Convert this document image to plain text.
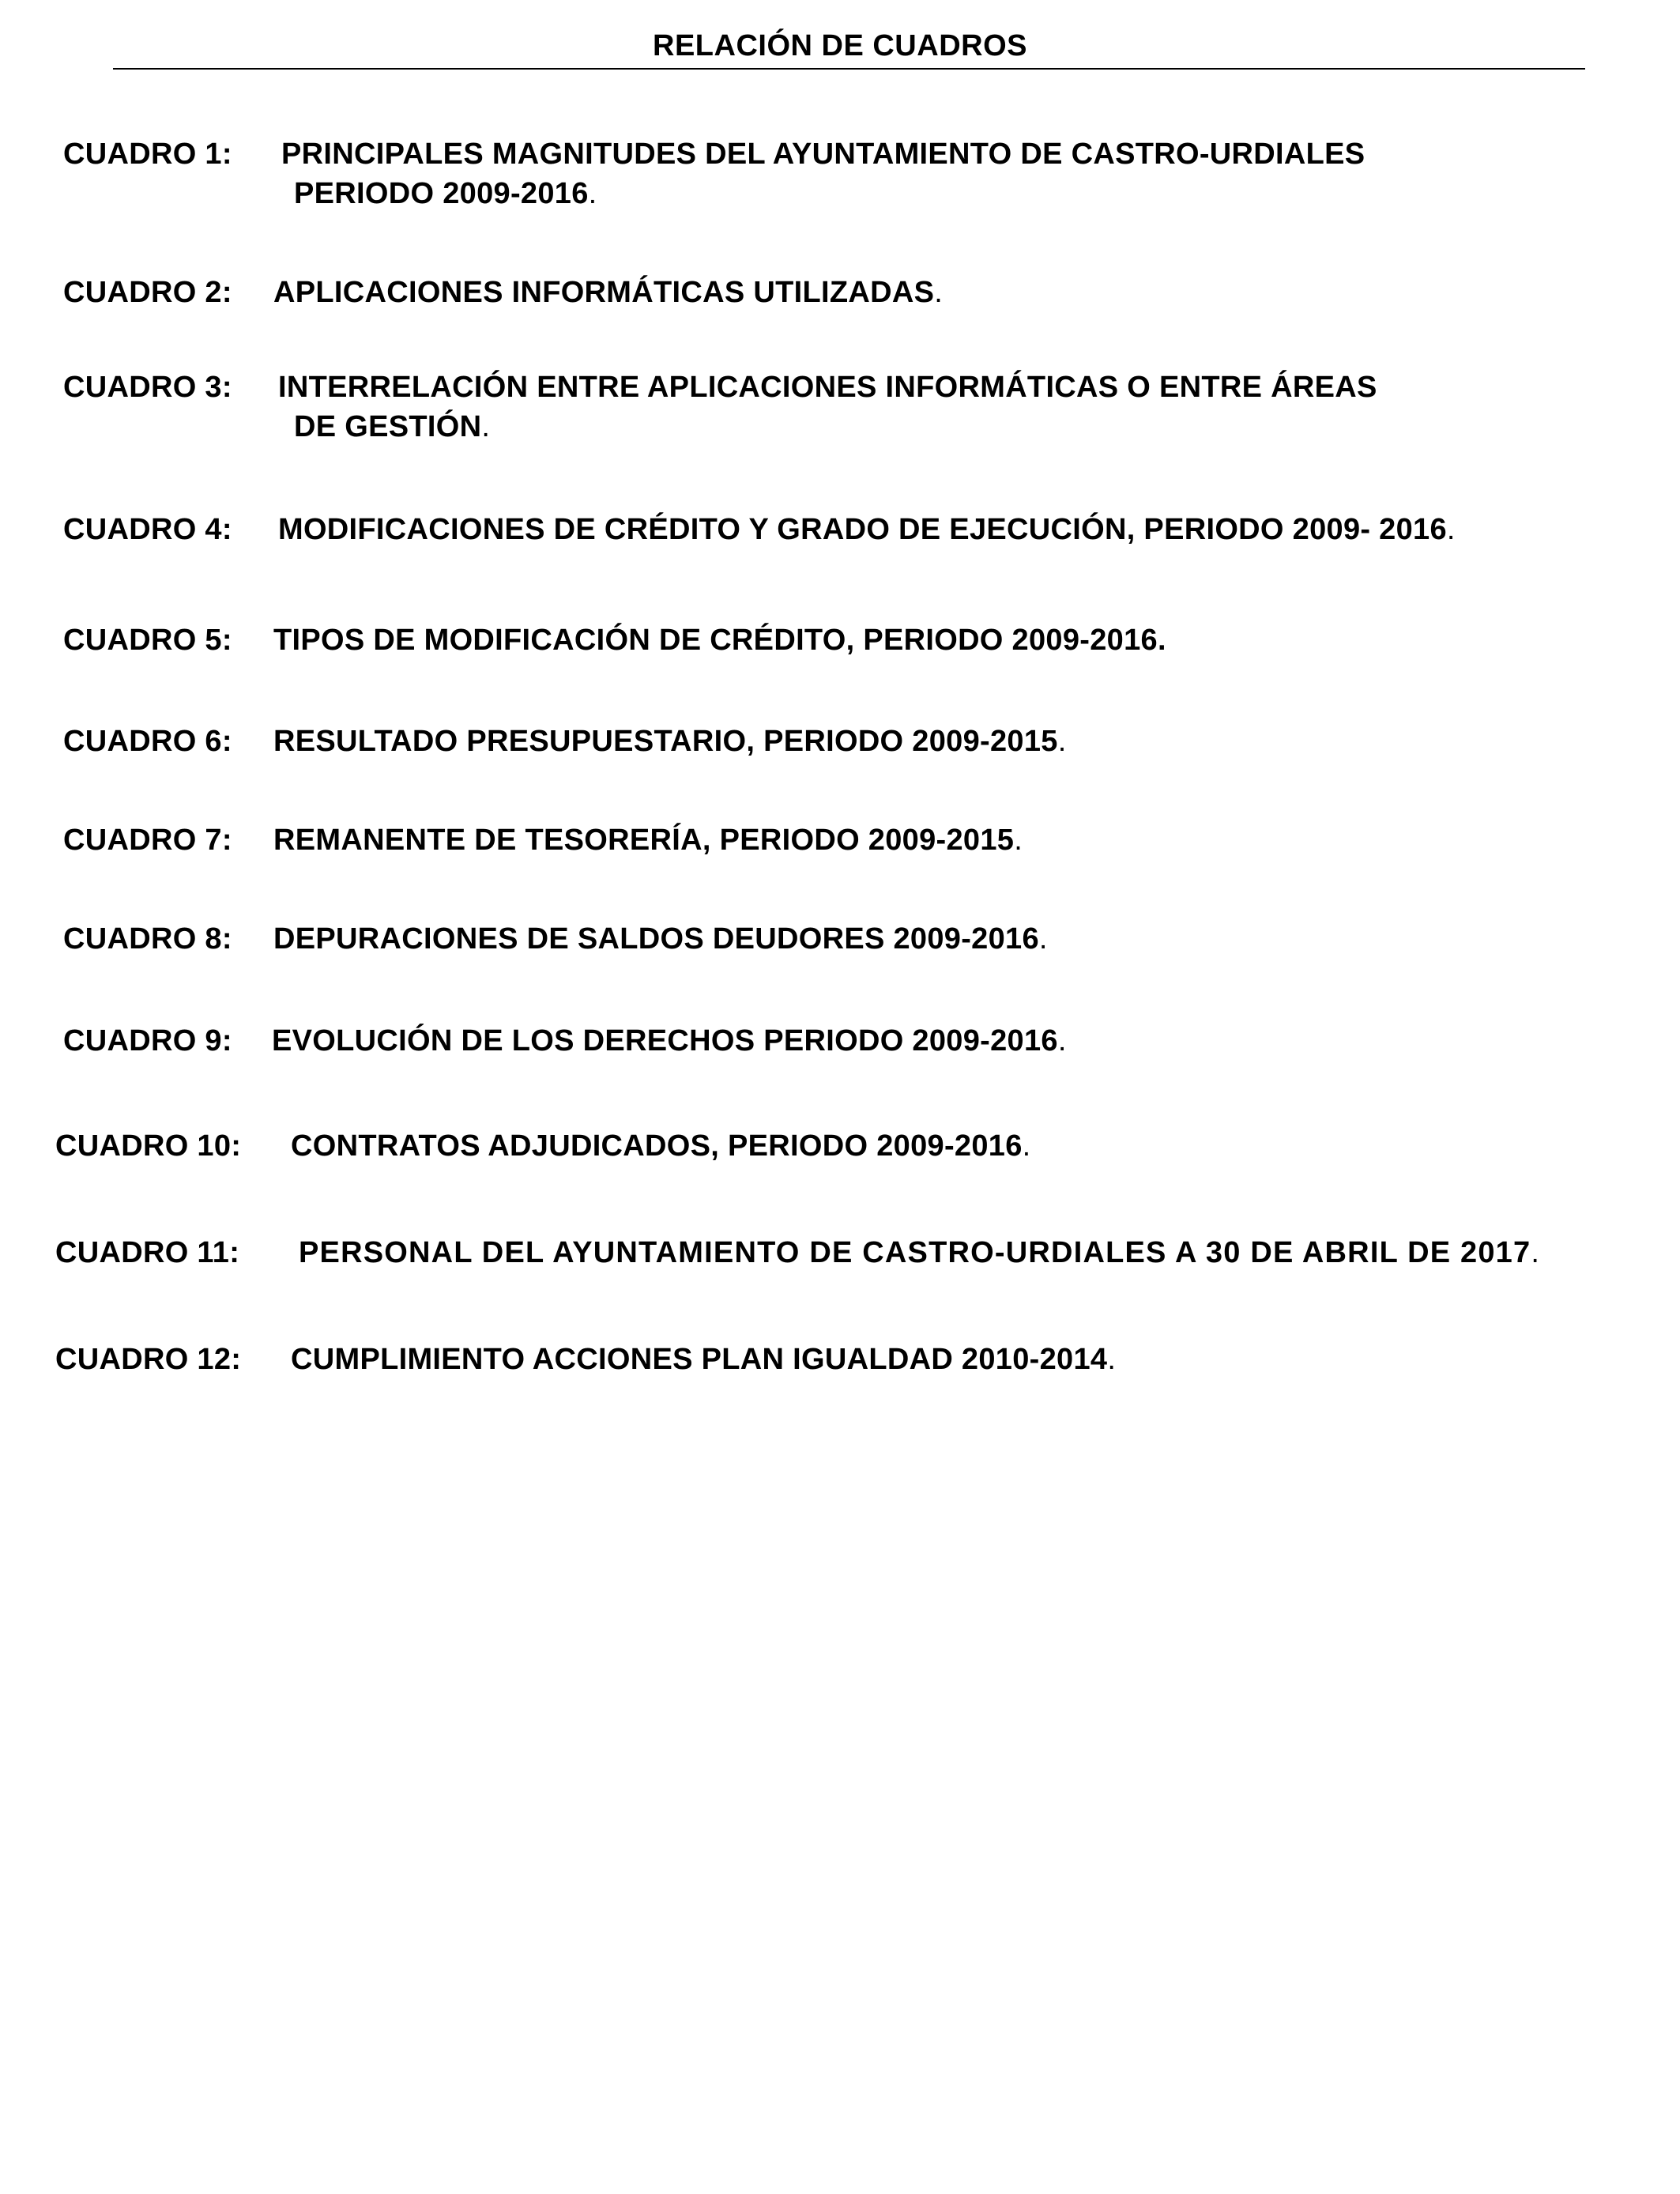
RELACIÓN DE CUADROS
CUADRO 1: PRINCIPALES MAGNITUDES DEL AYUNTAMIENTO DE CASTRO-URDIALES
PERIODO 2009-2016.
CUADRO 2: APLICACIONES INFORMÁTICAS UTILIZADAS.
CUADRO 3: INTERRELACIÓN ENTRE APLICACIONES INFORMÁTICAS O ENTRE ÁREAS
DE GESTIÓN.
CUADRO 4: MODIFICACIONES DE CRÉDITO Y GRADO DE EJECUCIÓN, PERIODO 2009- 2016.
CUADRO 5: TIPOS DE MODIFICACIÓN DE CRÉDITO, PERIODO 2009-2016.
CUADRO 6: RESULTADO PRESUPUESTARIO, PERIODO 2009-2015.
CUADRO 7: REMANENTE DE TESORERÍA, PERIODO 2009-2015.
CUADRO 8: DEPURACIONES DE SALDOS DEUDORES 2009-2016.
CUADRO 9: EVOLUCIÓN DE LOS DERECHOS PERIODO 2009-2016.
CUADRO 10: CONTRATOS ADJUDICADOS, PERIODO 2009-2016.
CUADRO 11: PERSONAL DEL AYUNTAMIENTO DE CASTRO-URDIALES A 30 DE ABRIL DE 2017.
CUADRO 12: CUMPLIMIENTO ACCIONES PLAN IGUALDAD 2010-2014.
